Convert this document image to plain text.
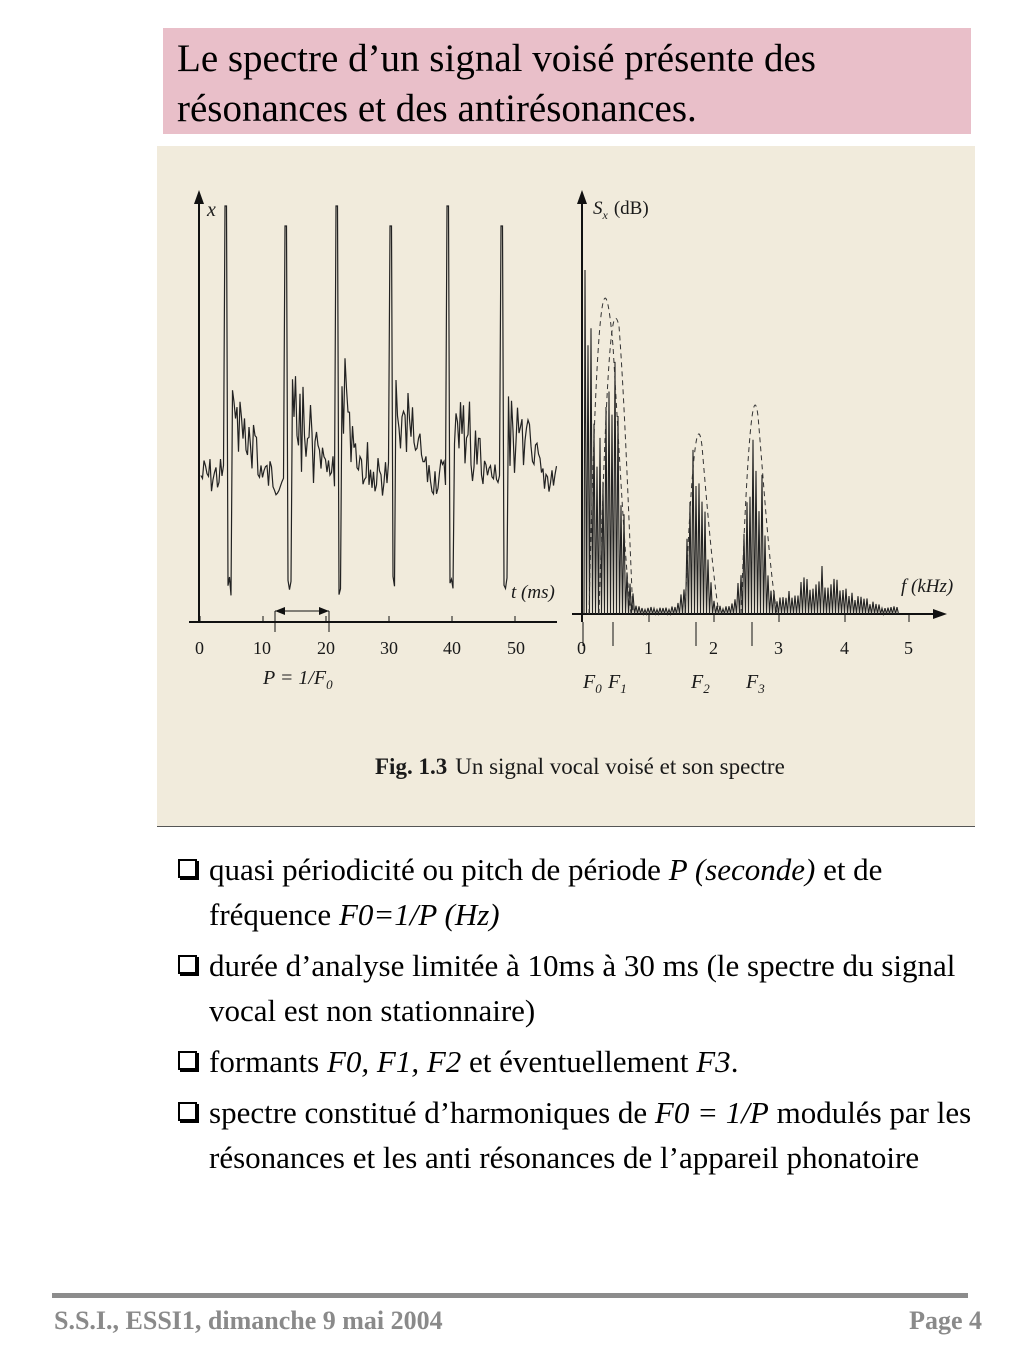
Le spectre d’un signal voisé présente des résonances et des antirésonances.

x
t (ms)
0	10	20	30	40	50
$P = 1/F_0$
$S_x$ (dB)
f (kHz)
0	1	2	3	4	5
$F_0$ $F_1$	$F_2$ $F_3$
Fig. 1.3 Un signal vocal voisé et son spectre
quasi périodicité ou pitch de période P (seconde) et de fréquence F0=1/P (Hz)
durée d’analyse limitée à 10ms à 30 ms (le spectre du signal vocal est non stationnaire)
formants F0, F1, F2 et éventuellement F3.
spectre constitué d’harmoniques de F0 = 1/P modulés par les résonances et les anti résonances de l’appareil phonatoire
S.S.I., ESSI1, dimanche 9 mai 2004	Page 4
